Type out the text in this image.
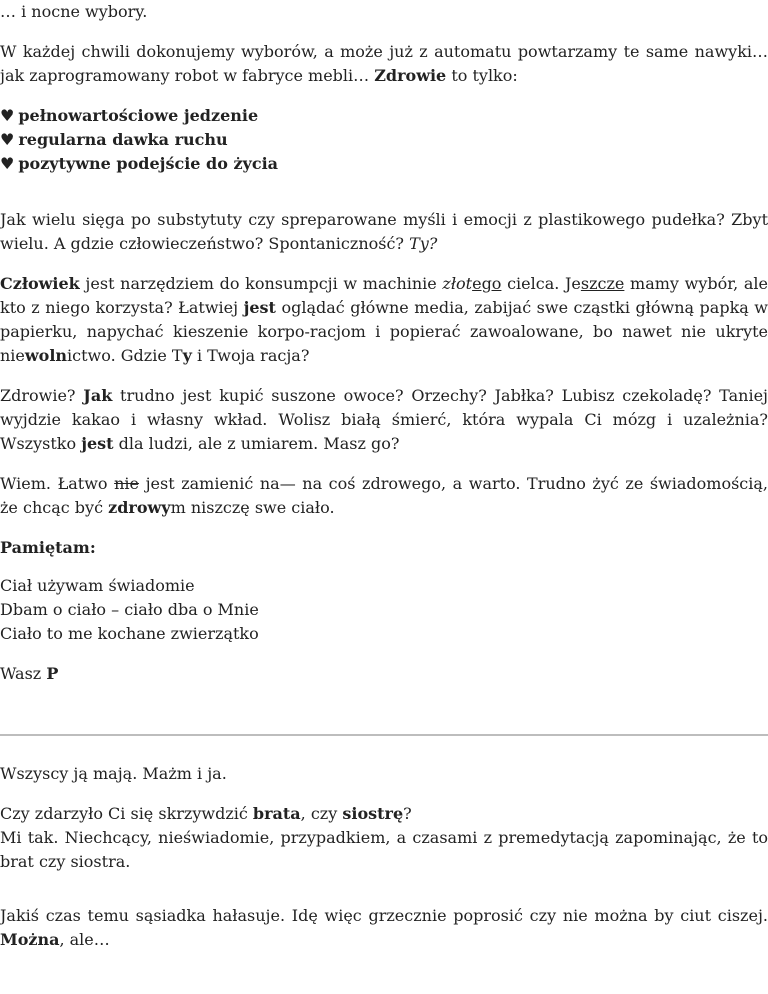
… i nocne wybory.

W każdej chwili dokonujemy wyborów, a może już z automatu powtarzamy te same nawyki… jak zaprogramowany robot w fabryce mebli… Zdrowie to tylko:

♥ pełnowartościowe jedzenie
♥ regularna dawka ruchu
♥ pozytywne podejście do życia

Jak wielu sięga po substytuty czy spreparowane myśli i emocji z plastikowego pudełka? Zbyt wielu. A gdzie człowieczeństwo? Spontaniczność? Ty?

Człowiek jest narzędziem do konsumpcji w machinie złotego cielca. Jeszcze mamy wybór, ale kto z niego korzysta? Łatwiej jest oglądać główne media, zabijać swe cząstki główną papką w papierku, napychać kieszenie korpo-racjom i popierać zawoalowane, bo nawet nie ukryte niewolnictwo. Gdzie Ty i Twoja racja?

Zdrowie? Jak trudno jest kupić suszone owoce? Orzechy? Jabłka? Lubisz czekoladę? Taniej wyjdzie kakao i własny wkład. Wolisz białą śmierć, która wypala Ci mózg i uzależnia? Wszystko jest dla ludzi, ale z umiarem. Masz go?

Wiem. Łatwo nie jest zamienić na— na coś zdrowego, a warto. Trudno żyć ze świadomością, że chcąc być zdrowym niszczę swe ciało.

Pamiętam:

Ciał używam świadomie
Dbam o ciało – ciało dba o Mnie
Ciało to me kochane zwierzątko

Wasz P

Wszyscy ją mają. Mażm i ja.

Czy zdarzyło Ci się skrzywdzić brata, czy siostrę?
Mi tak. Niechcący, nieświadomie, przypadkiem, a czasami z premedytacją zapominając, że to brat czy siostra.

Jakiś czas temu sąsiadka hałasuje. Idę więc grzecznie poprosić czy nie można by ciut ciszej. Można, ale…
